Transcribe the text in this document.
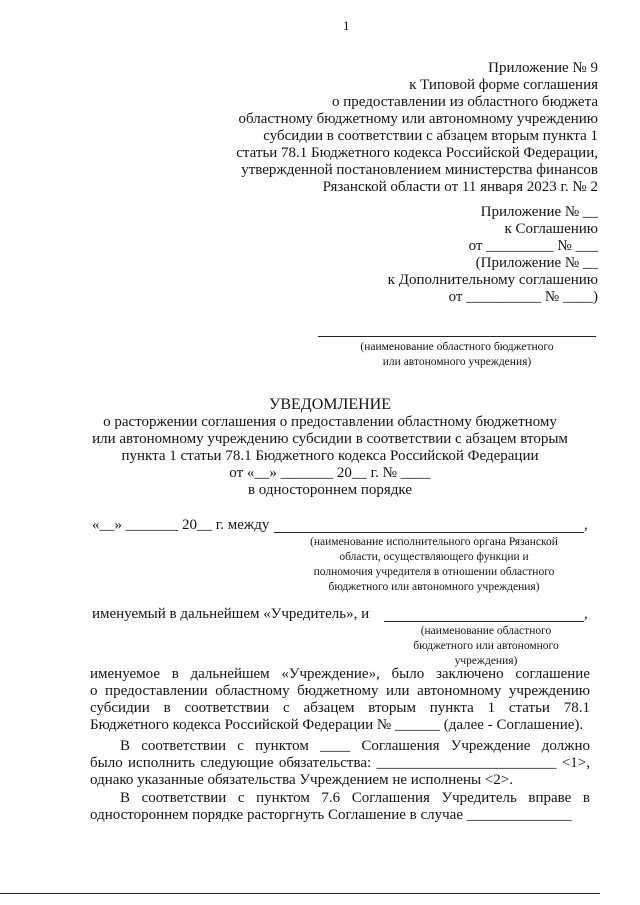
1
Приложение № 9
к Типовой форме соглашения
о предоставлении из областного бюджета
областному бюджетному или автономному учреждению
субсидии в соответствии с абзацем вторым пункта 1
статьи 78.1 Бюджетного кодекса Российской Федерации,
утвержденной постановлением министерства финансов
Рязанской области от 11 января 2023 г. № 2
Приложение № __
к Соглашению
от _________ № ___
(Приложение № __
к Дополнительному соглашению
от __________ № ____)
(наименование областного бюджетного
или автономного учреждения)
УВЕДОМЛЕНИЕ
о расторжении соглашения о предоставлении областному бюджетному
или автономному учреждению субсидии в соответствии с абзацем вторым
пункта 1 статьи 78.1 Бюджетного кодекса Российской Федерации
от «__» _______ 20__ г. № ____
в одностороннем порядке
«__» _______ 20__ г. между	,
(наименование исполнительного органа Рязанской
области, осуществляющего функции и
полномочия учредителя в отношении областного
бюджетного или автономного учреждения)
именуемый в дальнейшем «Учредитель», и	,
(наименование областного
бюджетного или автономного
учреждения)
именуемое в дальнейшем «Учреждение», было заключено соглашение
о предоставлении областному бюджетному или автономному учреждению
субсидии в соответствии с абзацем вторым пункта 1 статьи 78.1
Бюджетного кодекса Российской Федерации № ______ (далее - Соглашение).
В соответствии с пунктом ____ Соглашения Учреждение должно
было исполнить следующие обязательства: ________________________ <1>,
однако указанные обязательства Учреждением не исполнены <2>.
В соответствии с пунктом 7.6 Соглашения Учредитель вправе в
одностороннем порядке расторгнуть Соглашение в случае ______________
